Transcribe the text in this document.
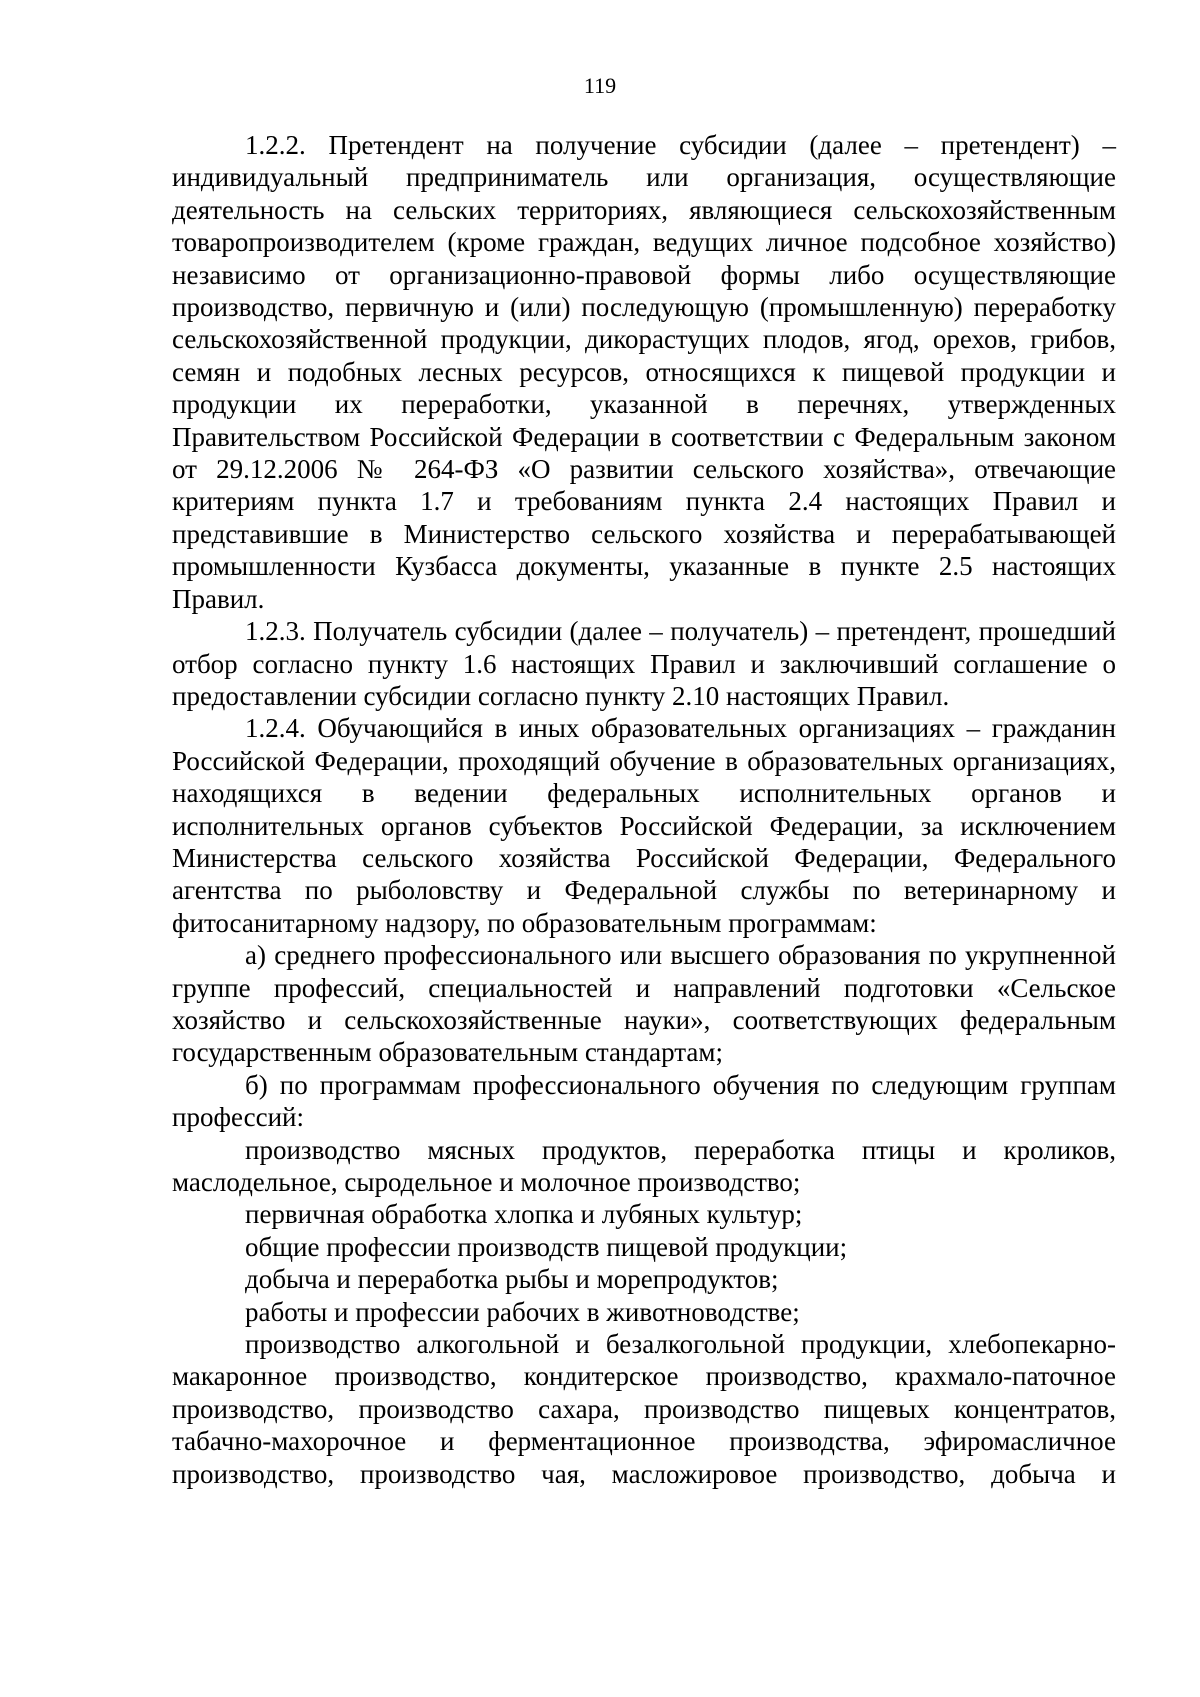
119

1.2.2. Претендент на получение субсидии (далее – претендент) – индивидуальный предприниматель или организация, осуществляющие деятельность на сельских территориях, являющиеся сельскохозяйственным товаропроизводителем (кроме граждан, ведущих личное подсобное хозяйство) независимо от организационно-правовой формы либо осуществляющие производство, первичную и (или) последующую (промышленную) переработку сельскохозяйственной продукции, дикорастущих плодов, ягод, орехов, грибов, семян и подобных лесных ресурсов, относящихся к пищевой продукции и продукции их переработки, указанной в перечнях, утвержденных Правительством Российской Федерации в соответствии с Федеральным законом от 29.12.2006 № 264-ФЗ «О развитии сельского хозяйства», отвечающие критериям пункта 1.7 и требованиям пункта 2.4 настоящих Правил и представившие в Министерство сельского хозяйства и перерабатывающей промышленности Кузбасса документы, указанные в пункте 2.5 настоящих Правил.

1.2.3. Получатель субсидии (далее – получатель) – претендент, прошедший отбор согласно пункту 1.6 настоящих Правил и заключивший соглашение о предоставлении субсидии согласно пункту 2.10 настоящих Правил.

1.2.4. Обучающийся в иных образовательных организациях – гражданин Российской Федерации, проходящий обучение в образовательных организациях, находящихся в ведении федеральных исполнительных органов и исполнительных органов субъектов Российской Федерации, за исключением Министерства сельского хозяйства Российской Федерации, Федерального агентства по рыболовству и Федеральной службы по ветеринарному и фитосанитарному надзору, по образовательным программам:

а) среднего профессионального или высшего образования по укрупненной группе профессий, специальностей и направлений подготовки «Сельское хозяйство и сельскохозяйственные науки», соответствующих федеральным государственным образовательным стандартам;

б) по программам профессионального обучения по следующим группам профессий:

производство мясных продуктов, переработка птицы и кроликов, маслодельное, сыродельное и молочное производство;

первичная обработка хлопка и лубяных культур;

общие профессии производств пищевой продукции;

добыча и переработка рыбы и морепродуктов;

работы и профессии рабочих в животноводстве;

производство алкогольной и безалкогольной продукции, хлебопекарно-макаронное производство, кондитерское производство, крахмало-паточное производство, производство сахара, производство пищевых концентратов, табачно-махорочное и ферментационное производства, эфиромасличное производство, производство чая, масложировое производство, добыча и
